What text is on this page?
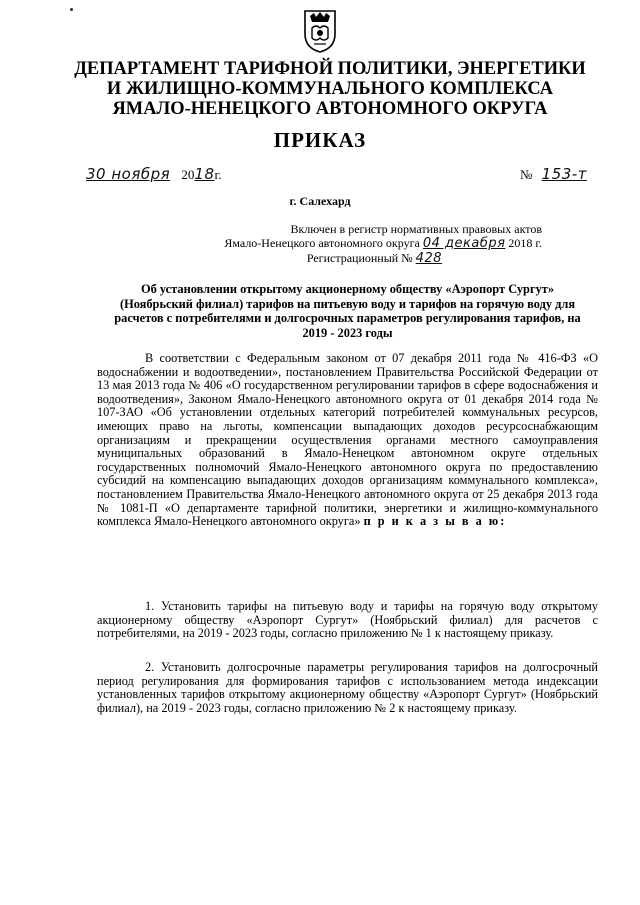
ДЕПАРТАМЕНТ ТАРИФНОЙ ПОЛИТИКИ, ЭНЕРГЕТИКИ
И ЖИЛИЩНО-КОММУНАЛЬНОГО КОМПЛЕКСА
ЯМАЛО-НЕНЕЦКОГО АВТОНОМНОГО ОКРУГА
ПРИКАЗ
30 ноября 2018г.	№ 153-т
г. Салехард
Включен в регистр нормативных правовых актов
Ямало-Ненецкого автономного округа 04 декабря 2018 г.
Регистрационный № 428
Об установлении открытому акционерному обществу «Аэропорт Сургут» (Ноябрьский филиал) тарифов на питьевую воду и тарифов на горячую воду для расчетов с потребителями и долгосрочных параметров регулирования тарифов, на 2019 - 2023 годы

В соответствии с Федеральным законом от 07 декабря 2011 года № 416-ФЗ «О водоснабжении и водоотведении», постановлением Правительства Российской Федерации от 13 мая 2013 года № 406 «О государственном регулировании тарифов в сфере водоснабжения и водоотведения», Законом Ямало-Ненецкого автономного округа от 01 декабря 2014 года № 107-ЗАО «Об установлении отдельных категорий потребителей коммунальных ресурсов, имеющих право на льготы, компенсации выпадающих доходов ресурсоснабжающим организациям и прекращении осуществления органами местного самоуправления муниципальных образований в Ямало-Ненецком автономном округе отдельных государственных полномочий Ямало-Ненецкого автономного округа по предоставлению субсидий на компенсацию выпадающих доходов организациям коммунального комплекса», постановлением Правительства Ямало-Ненецкого автономного округа от 25 декабря 2013 года № 1081-П «О департаменте тарифной политики, энергетики и жилищно-коммунального комплекса Ямало-Ненецкого автономного округа» п р и к а з ы в а ю:

1. Установить тарифы на питьевую воду и тарифы на горячую воду открытому акционерному обществу «Аэропорт Сургут» (Ноябрьский филиал) для расчетов с потребителями, на 2019 - 2023 годы, согласно приложению № 1 к настоящему приказу.

2. Установить долгосрочные параметры регулирования тарифов на долгосрочный период регулирования для формирования тарифов с использованием метода индексации установленных тарифов открытому акционерному обществу «Аэропорт Сургут» (Ноябрьский филиал), на 2019 - 2023 годы, согласно приложению № 2 к настоящему приказу.
